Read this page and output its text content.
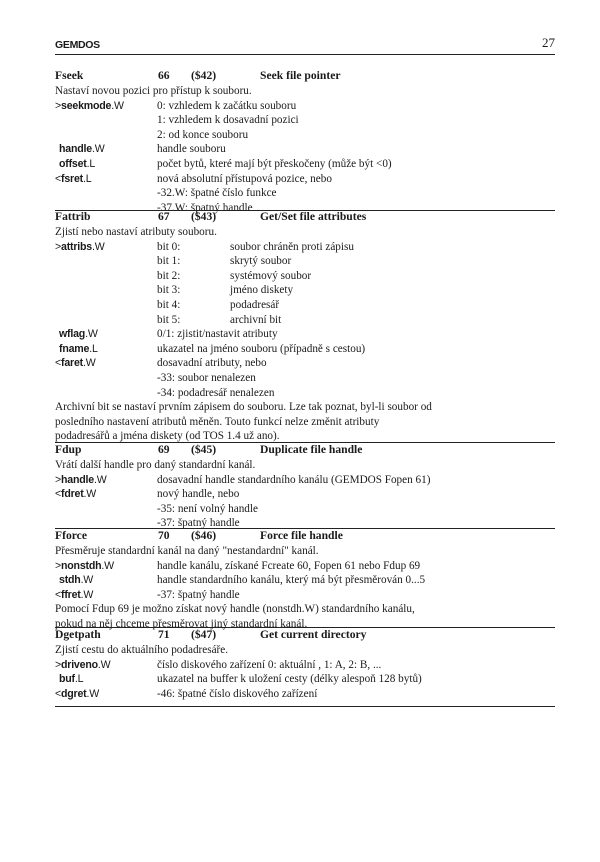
GEMDOS	27
Fseek	66 ($42)	Seek file pointer
Nastaví novou pozici pro přístup k souboru.
>seekmode.W	0: vzhledem k začátku souboru
1: vzhledem k dosavadní pozici
2: od konce souboru
handle.W	handle souboru
offset.L	počet bytů, které mají být přeskočeny (může být <0)
<fsret.L	nová absolutní přístupová pozice, nebo
-32.W: špatné číslo funkce
-37.W: špatný handle
Fattrib	67 ($43)	Get/Set file attributes
Zjistí nebo nastaví atributy souboru.
>attribs.W	bit 0:	soubor chráněn proti zápisu
bit 1:	skrytý soubor
bit 2:	systémový soubor
bit 3:	jméno diskety
bit 4:	podadresář
bit 5:	archivní bit
wflag.W	0/1: zjistit/nastavit atributy
fname.L	ukazatel na jméno souboru (případně s cestou)
<faret.W	dosavadní atributy, nebo
-33: soubor nenalezen
-34: podadresář nenalezen
Archivní bit se nastaví prvním zápisem do souboru. Lze tak poznat, byl-li soubor od
posledního nastavení atributů měněn. Touto funkcí nelze změnit atributy
podadresářů a jména diskety (od TOS 1.4 už ano).
Fdup	69 ($45)	Duplicate file handle
Vrátí další handle pro daný standardní kanál.
>handle.W	dosavadní handle standardního kanálu (GEMDOS Fopen 61)
<fdret.W	nový handle, nebo
-35: není volný handle
-37: špatný handle
Fforce	70 ($46)	Force file handle
Přesměruje standardní kanál na daný "nestandardní" kanál.
>nonstdh.W	handle kanálu, získané Fcreate 60, Fopen 61 nebo Fdup 69
stdh.W	handle standardního kanálu, který má být přesměrován 0...5
<ffret.W	-37: špatný handle
Pomocí Fdup 69 je možno získat nový handle (nonstdh.W) standardního kanálu,
pokud na něj chceme přesměrovat jiný standardní kanál.
Dgetpath	71 ($47)	Get current directory
Zjistí cestu do aktuálního podadresáře.
>driveno.W	číslo diskového zařízení 0: aktuální , 1: A, 2: B, ...
buf.L	ukazatel na buffer k uložení cesty (délky alespoň 128 bytů)
<dgret.W	-46: špatné číslo diskového zařízení
